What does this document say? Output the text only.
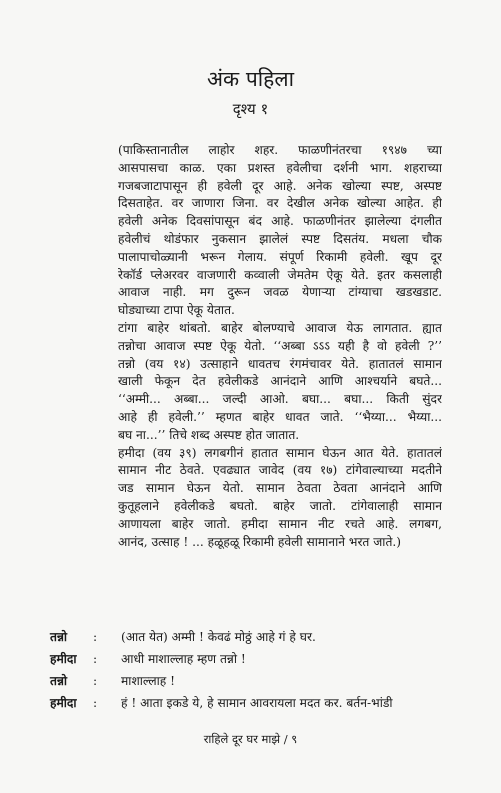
अंक पहिला
दृश्य १
(पाकिस्तानातील लाहोर शहर. फाळणीनंतरचा १९४७ च्या
आसपासचा काळ. एका प्रशस्त हवेलीचा दर्शनी भाग. शहराच्या
गजबजाटापासून ही हवेली दूर आहे. अनेक खोल्या स्पष्ट, अस्पष्ट
दिसताहेत. वर जाणारा जिना. वर देखील अनेक खोल्या आहेत. ही
हवेली अनेक दिवसांपासून बंद आहे. फाळणीनंतर झालेल्या दंगलीत
हवेलीचं थोडंफार नुकसान झालेलं स्पष्ट दिसतंय. मधला चौक
पालापाचोळ्यानी भरून गेलाय. संपूर्ण रिकामी हवेली. खूप दूर
रेकॉर्ड प्लेअरवर वाजणारी कव्वाली जेमतेम ऐकू येते. इतर कसलाही
आवाज नाही. मग दुरून जवळ येणाऱ्या टांग्याचा खडखडाट.
घोड्याच्या टापा ऐकू येतात.
टांगा बाहेर थांबतो. बाहेर बोलण्याचे आवाज येऊ लागतात. ह्यात
तन्नोचा आवाज स्पष्ट ऐकू येतो. ‘‘अब्बा ऽऽऽ यही है वो हवेली ?’’
तन्नो (वय १४) उत्साहाने धावतच रंगमंचावर येते. हातातलं सामान
खाली फेकून देत हवेलीकडे आनंदाने आणि आश्चर्याने बघते...
‘‘अम्मी... अब्बा... जल्दी आओ. बघा... बघा... किती सुंदर
आहे ही हवेली.’’ म्हणत बाहेर धावत जाते. ‘‘भैय्या... भैय्या...
बघ ना...’’ तिचे शब्द अस्पष्ट होत जातात.
हमीदा (वय ३९) लगबगीनं हातात सामान घेऊन आत येते. हातातलं
सामान नीट ठेवते. एवढ्यात जावेद (वय १७) टांगेवाल्याच्या मदतीने
जड सामान घेऊन येतो. सामान ठेवता ठेवता आनंदाने आणि
कुतूहलाने हवेलीकडे बघतो. बाहेर जातो. टांगेवालाही सामान
आणायला बाहेर जातो. हमीदा सामान नीट रचते आहे. लगबग,
आनंद, उत्साह ! ... हळूहळू रिकामी हवेली सामानाने भरत जाते.)
तन्नो : (आत येत) अम्मी ! केवढं मोठ्ठं आहे गं हे घर.
हमीदा : आधी माशाल्लाह म्हण तन्नो !
तन्नो : माशाल्लाह !
हमीदा : हं ! आता इकडे ये, हे सामान आवरायला मदत कर. बर्तन-भांडी
राहिले दूर घर माझे / ९
